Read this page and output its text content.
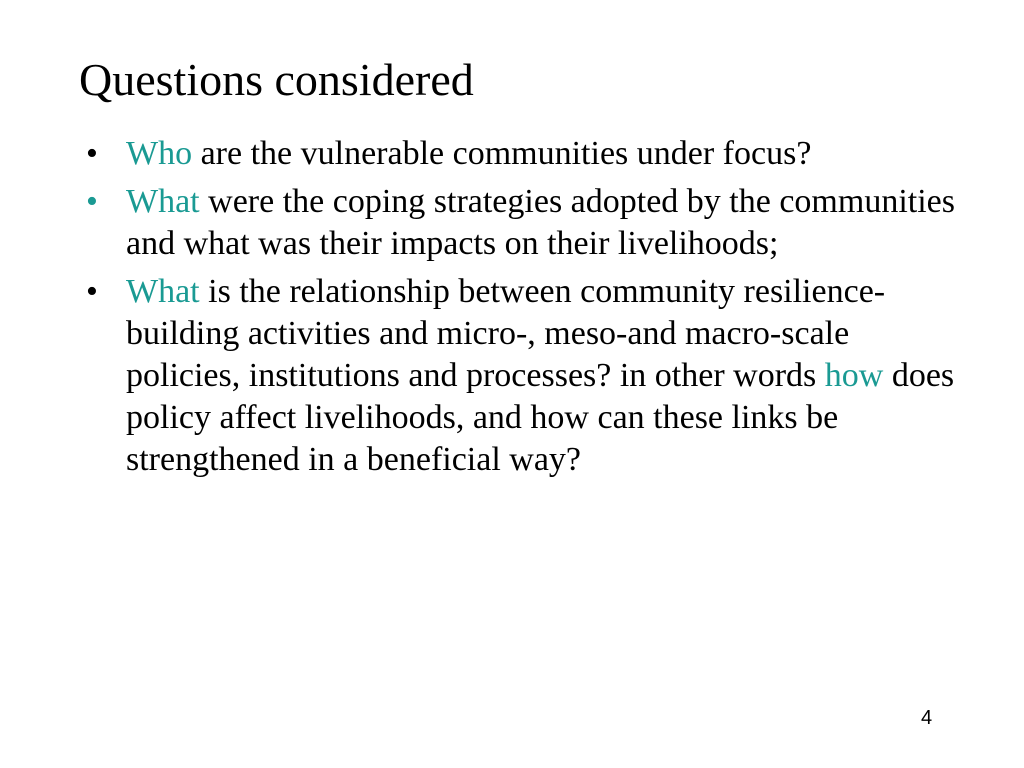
Questions considered
• Who are the vulnerable communities under focus?
• What were the coping strategies adopted by the communities and what was their impacts on their livelihoods;
• What is the relationship between community resilience-building activities and micro-, meso-and macro-scale policies, institutions and processes? in other words how does policy affect livelihoods, and how can these links be strengthened in a beneficial way?
4
